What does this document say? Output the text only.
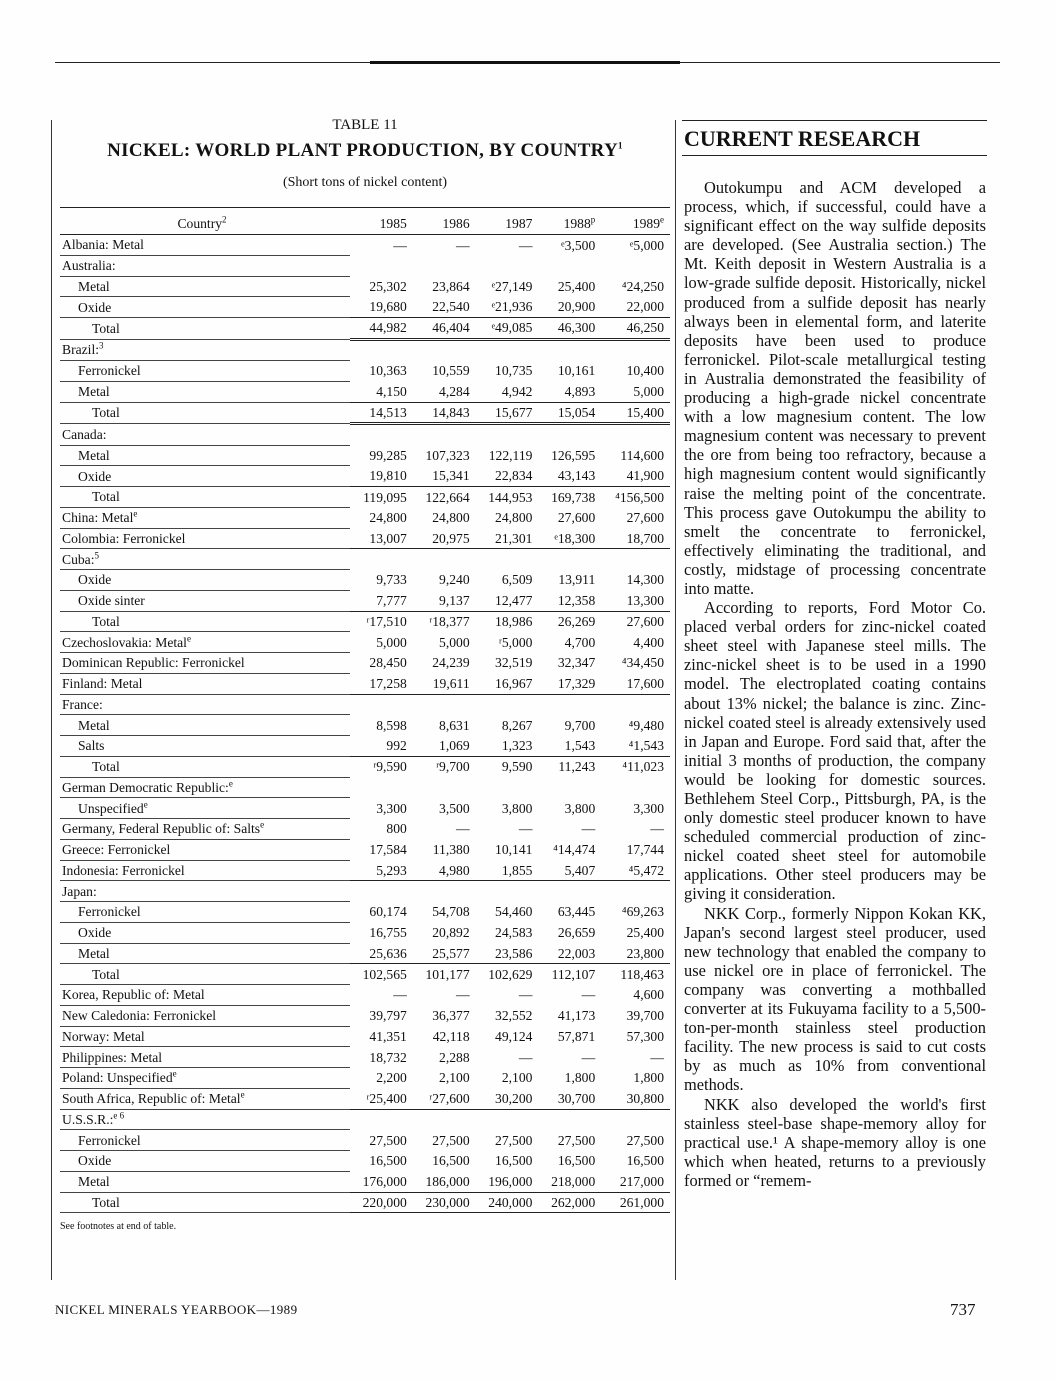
TABLE 11
NICKEL: WORLD PLANT PRODUCTION, BY COUNTRY$^1$
(Short tons of nickel content)
Country$^2$	1985	1986	1987	1988$^p$	1989e
Albania: Metal	—	—	—	ᵉ3,500	ᵉ5,000
Australia:					
Metal	25,302	23,864	ᵉ27,149	25,400	⁴24,250
Oxide	19,680	22,540	ᵉ21,936	20,900	22,000
Total	44,982	46,404	ᵉ49,085	46,300	46,250
Brazil:$^3$					
Ferronickel	10,363	10,559	10,735	10,161	10,400
Metal	4,150	4,284	4,942	4,893	5,000
Total	14,513	14,843	15,677	15,054	15,400
Canada:					
Metal	99,285	107,323	122,119	126,595	114,600
Oxide	19,810	15,341	22,834	43,143	41,900
Total	119,095	122,664	144,953	169,738	⁴156,500
China: Metal$^e$	24,800	24,800	24,800	27,600	27,600
Colombia: Ferronickel	13,007	20,975	21,301	ᵉ18,300	18,700
Cuba:$^5$					
Oxide	9,733	9,240	6,509	13,911	14,300
Oxide sinter	7,777	9,137	12,477	12,358	13,300
Total	ʳ17,510	ʳ18,377	18,986	26,269	27,600
Czechoslovakia: Metal$^e$	5,000	5,000	ʳ5,000	4,700	4,400
Dominican Republic: Ferronickel	28,450	24,239	32,519	32,347	⁴34,450
Finland: Metal	17,258	19,611	16,967	17,329	17,600
France:					
Metal	8,598	8,631	8,267	9,700	⁴9,480
Salts	992	1,069	1,323	1,543	⁴1,543
Total	ʳ9,590	ʳ9,700	9,590	11,243	⁴11,023
German Democratic Republic:$^e$					
Unspecified$^e$	3,300	3,500	3,800	3,800	3,300
Germany, Federal Republic of: Salts$^e$	800	—	—	—	—
Greece: Ferronickel	17,584	11,380	10,141	⁴14,474	17,744
Indonesia: Ferronickel	5,293	4,980	1,855	5,407	⁴5,472
Japan:					
Ferronickel	60,174	54,708	54,460	63,445	⁴69,263
Oxide	16,755	20,892	24,583	26,659	25,400
Metal	25,636	25,577	23,586	22,003	23,800
Total	102,565	101,177	102,629	112,107	118,463
Korea, Republic of: Metal	—	—	—	—	4,600
New Caledonia: Ferronickel	39,797	36,377	32,552	41,173	39,700
Norway: Metal	41,351	42,118	49,124	57,871	57,300
Philippines: Metal	18,732	2,288	—	—	—
Poland: Unspecified$^e$	2,200	2,100	2,100	1,800	1,800
South Africa, Republic of: Metal$^e$	ʳ25,400	ʳ27,600	30,200	30,700	30,800
U.S.S.R.:$^{e 6}$					
Ferronickel	27,500	27,500	27,500	27,500	27,500
Oxide	16,500	16,500	16,500	16,500	16,500
Metal	176,000	186,000	196,000	218,000	217,000
Total	220,000	230,000	240,000	262,000	261,000
See footnotes at end of table.
CURRENT RESEARCH

Outokumpu and ACM developed a process, which, if successful, could have a significant effect on the way sulfide deposits are developed. (See Australia section.) The Mt. Keith deposit in Western Australia is a low-grade sulfide deposit. Historically, nickel produced from a sulfide deposit has nearly always been in elemental form, and laterite deposits have been used to produce ferronickel. Pilot-scale metallurgical testing in Australia demonstrated the feasibility of producing a high-grade nickel concentrate with a low magnesium content. The low magnesium content was necessary to prevent the ore from being too refractory, because a high magnesium content would significantly raise the melting point of the concentrate. This process gave Outokumpu the ability to smelt the concentrate to ferronickel, effectively eliminating the traditional, and costly, midstage of processing concentrate into matte.

According to reports, Ford Motor Co. placed verbal orders for zinc-nickel coated sheet steel with Japanese steel mills. The zinc-nickel sheet is to be used in a 1990 model. The electroplated coating contains about 13% nickel; the balance is zinc. Zinc-nickel coated steel is already extensively used in Japan and Europe. Ford said that, after the initial 3 months of production, the company would be looking for domestic sources. Bethlehem Steel Corp., Pittsburgh, PA, is the only domestic steel producer known to have scheduled commercial production of zinc-nickel coated sheet steel for automobile applications. Other steel producers may be giving it consideration.

NKK Corp., formerly Nippon Kokan KK, Japan's second largest steel producer, used new technology that enabled the company to use nickel ore in place of ferronickel. The company was converting a mothballed converter at its Fukuyama facility to a 5,500-ton-per-month stainless steel production facility. The new process is said to cut costs by as much as 10% from conventional methods.

NKK also developed the world's first stainless steel-base shape-memory alloy for practical use.¹ A shape-memory alloy is one which when heated, returns to a previously formed or “remem-

NICKEL MINERALS YEARBOOK—1989	737
